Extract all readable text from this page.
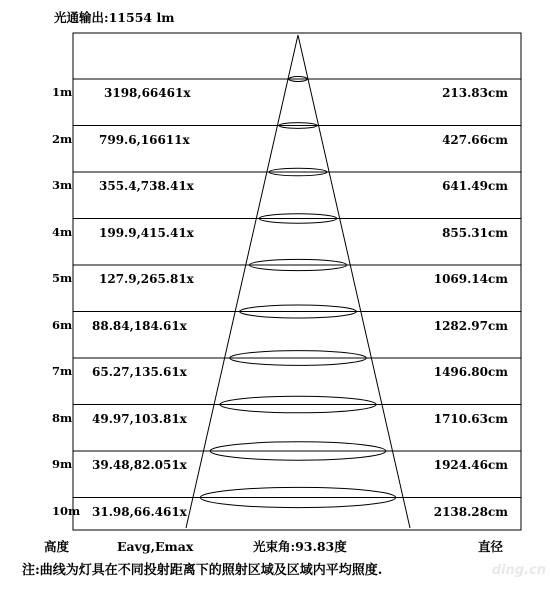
光通输出:11554 lm
1m	3198,66461x	213.83cm
2m 799.6,16611x	427.66cm
3m 355.4,738.41x	641.49cm
4m 199.9,415.41x	855.31cm
5m 127.9,265.81x	1069.14cm
6m 88.84,184.61x	1282.97cm
7m 65.27,135.61x	1496.80cm
8m 49.97,103.81x	1710.63cm
9m 39.48,82.051x	1924.46cm
10m 31.98,66.461x	2138.28cm
高度	Eavg,Emax	光束角:93.83度	直径
注:曲线为灯具在不同投射距离下的照射区域及区域内平均照度.	ding.cn
